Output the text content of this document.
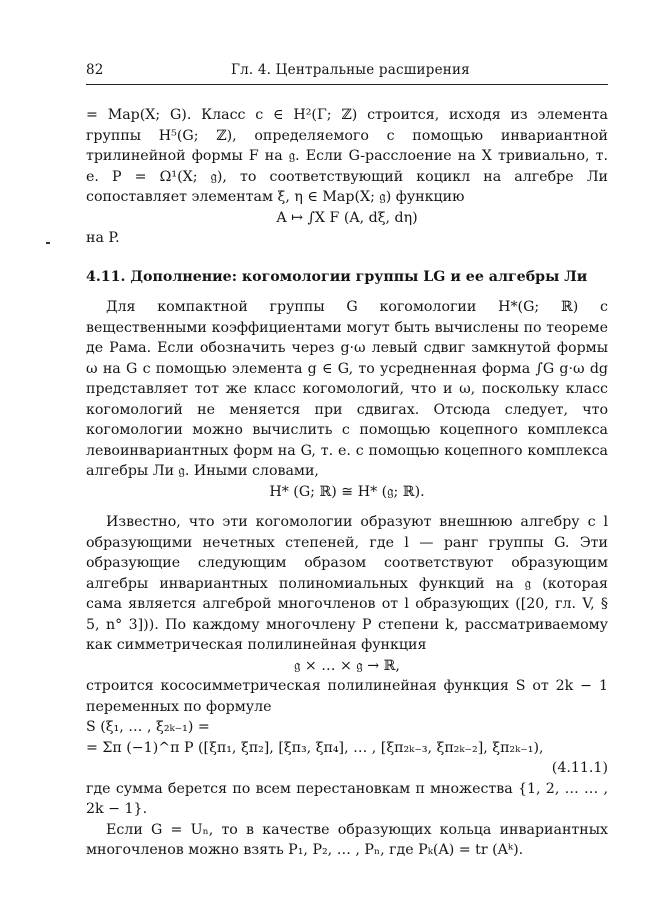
82	Гл. 4. Центральные расширения

= Map(X; G). Класс c ∈ H²(Γ; ℤ) строится, исходя из элемента группы H⁵(G; ℤ), определяемого с помощью инвариантной трилинейной формы F на 𝔤. Если G-расслоение на X тривиально, т. е. P = Ω¹(X; 𝔤), то соответствующий коцикл на алгебре Ли сопоставляет элементам ξ, η ∈ Map(X; 𝔤) функцию

A ↦ ∫X F (A, dξ, dη)

на P.

4.11. Дополнение: когомологии группы LG и ее алгебры Ли

Для компактной группы G когомологии H*(G; ℝ) с вещественными коэффициентами могут быть вычислены по теореме де Рама. Если обозначить через g·ω левый сдвиг замкнутой формы ω на G с помощью элемента g ∈ G, то усредненная форма ∫G g·ω dg представляет тот же класс когомологий, что и ω, поскольку класс когомологий не меняется при сдвигах. Отсюда следует, что когомологии можно вычислить с помощью коцепного комплекса левоинвариантных форм на G, т. е. с помощью коцепного комплекса алгебры Ли 𝔤. Иными словами,

H* (G; ℝ) ≅ H* (𝔤; ℝ).

Известно, что эти когомологии образуют внешнюю алгебру с l образующими нечетных степеней, где l — ранг группы G. Эти образующие следующим образом соответствуют образующим алгебры инвариантных полиномиальных функций на 𝔤 (которая сама является алгеброй многочленов от l образующих ([20, гл. V, § 5, n° 3])). По каждому многочлену P степени k, рассматриваемому как симметрическая полилинейная функция

𝔤 × … × 𝔤 → ℝ,

строится кососимметрическая полилинейная функция S от 2k − 1 переменных по формуле

S (ξ₁, … , ξ₂ₖ₋₁) =

= Σπ (−1)^π P ([ξπ₁, ξπ₂], [ξπ₃, ξπ₄], … , [ξπ₂ₖ₋₃, ξπ₂ₖ₋₂], ξπ₂ₖ₋₁),

(4.11.1)

где сумма берется по всем перестановкам π множества {1, 2, … … , 2k − 1}.

Если G = Uₙ, то в качестве образующих кольца инвариантных многочленов можно взять P₁, P₂, … , Pₙ, где Pₖ(A) = tr (Aᵏ).
